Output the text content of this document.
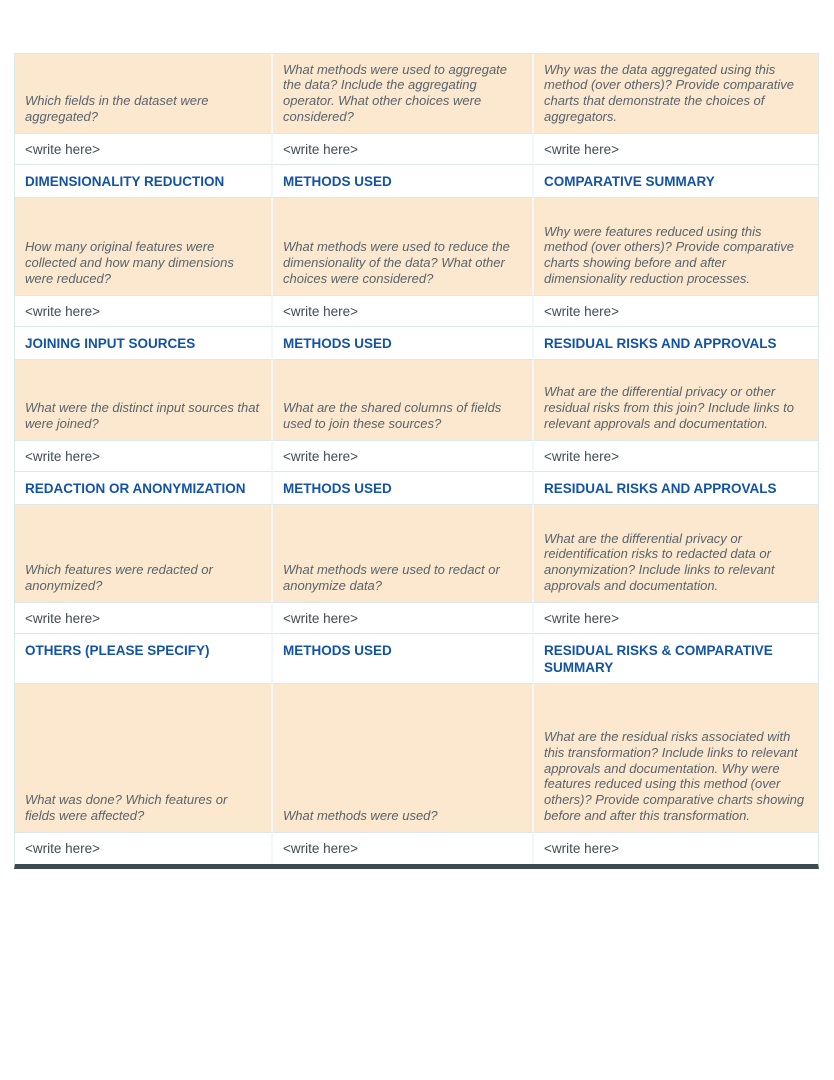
Which fields in the dataset were aggregated?	What methods were used to aggregate the data? Include the aggregating operator. What other choices were considered?	Why was the data aggregated using this method (over others)? Provide comparative charts that demonstrate the choices of aggregators.
<write here>	<write here>	<write here>
DIMENSIONALITY REDUCTION	METHODS USED	COMPARATIVE SUMMARY
How many original features were collected and how many dimensions were reduced?	What methods were used to reduce the dimensionality of the data? What other choices were considered?	Why were features reduced using this method (over others)? Provide comparative charts showing before and after dimensionality reduction processes.
<write here>	<write here>	<write here>
JOINING INPUT SOURCES	METHODS USED	RESIDUAL RISKS AND APPROVALS
What were the distinct input sources that were joined?	What are the shared columns of fields used to join these sources?	What are the differential privacy or other residual risks from this join? Include links to relevant approvals and documentation.
<write here>	<write here>	<write here>
REDACTION OR ANONYMIZATION	METHODS USED	RESIDUAL RISKS AND APPROVALS
Which features were redacted or anonymized?	What methods were used to redact or anonymize data?	What are the differential privacy or reidentification risks to redacted data or anonymization? Include links to relevant approvals and documentation.
<write here>	<write here>	<write here>
OTHERS (PLEASE SPECIFY)	METHODS USED	RESIDUAL RISKS & COMPARATIVE SUMMARY
What was done? Which features or fields were affected?	What methods were used?	What are the residual risks associated with this transformation? Include links to relevant approvals and documentation. Why were features reduced using this method (over others)? Provide comparative charts showing before and after this transformation.
<write here>	<write here>	<write here>
